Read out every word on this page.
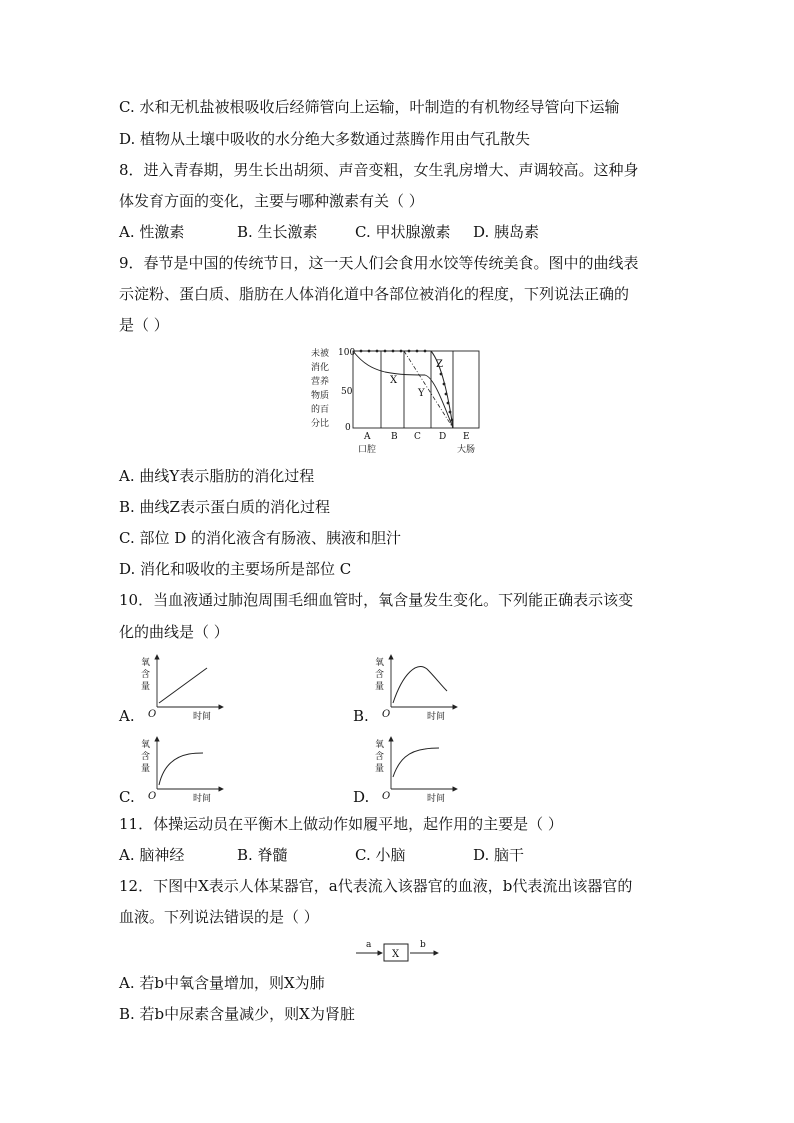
C. 水和无机盐被根吸收后经筛管向上运输，叶制造的有机物经导管向下运输
D. 植物从土壤中吸收的水分绝大多数通过蒸腾作用由气孔散失
8．进入青春期，男生长出胡须、声音变粗，女生乳房增大、声调较高。这种身
体发育方面的变化，主要与哪种激素有关（ ）
A. 性激素	B. 生长激素 C. 甲状腺激素 D. 胰岛素
9．春节是中国的传统节日，这一天人们会食用水饺等传统美食。图中的曲线表
示淀粉、蛋白质、脂肪在人体消化道中各部位被消化的程度，下列说法正确的
是（ ）
未被
消化
营养
物质
的百
分比
100
50
0
X
Y
Z
A B C D E
口腔	大肠
A. 曲线Y表示脂肪的消化过程
B. 曲线Z表示蛋白质的消化过程
C. 部位 D 的消化液含有肠液、胰液和胆汁
D. 消化和吸收的主要场所是部位 C
10．当血液通过肺泡周围毛细血管时，氧含量发生变化。下列能正确表示该变
化的曲线是（ ）
A.	B.
C.	D.
氧
含
量
O	时间
氧
含
量
O	时间
氧
含
量
O	时间
氧
含
量
O	时间
11．体操运动员在平衡木上做动作如履平地，起作用的主要是（ ）
A. 脑神经	B. 脊髓	C. 小脑	D. 脑干
12．下图中X表示人体某器官，a代表流入该器官的血液，b代表流出该器官的
血液。下列说法错误的是（ ）
a
X
b
A. 若b中氧含量增加，则X为肺
B. 若b中尿素含量减少，则X为肾脏
